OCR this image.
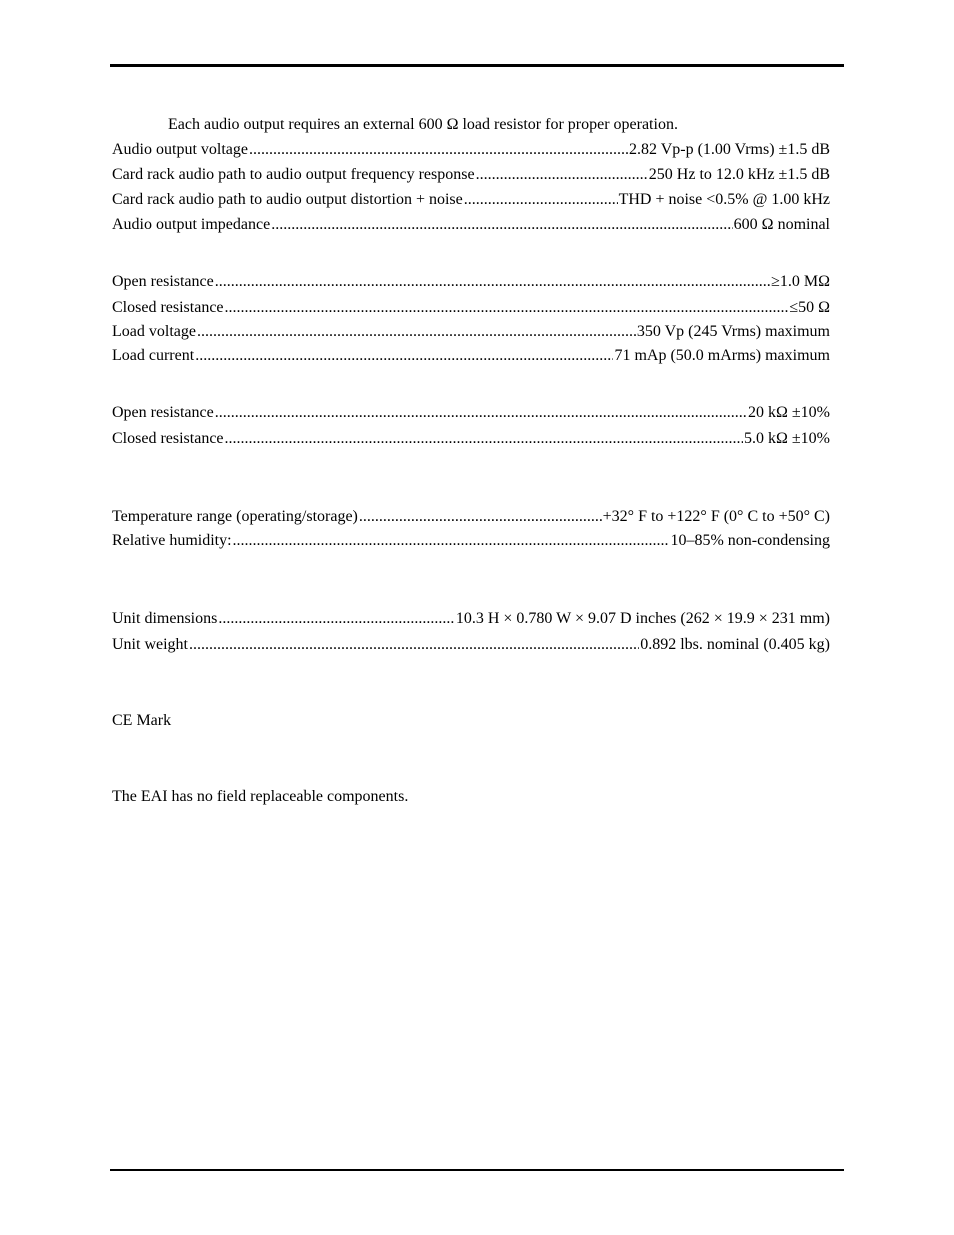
Each audio output requires an external 600 Ω load resistor for proper operation.
Audio output voltage .....	2.82 Vp-p (1.00 Vrms) ±1.5 dB
Card rack audio path to audio output frequency response .....	250 Hz to 12.0 kHz ±1.5 dB
Card rack audio path to audio output distortion + noise .....	THD + noise <0.5% @ 1.00 kHz
Audio output impedance .....	600 Ω nominal
Open resistance .....	≥1.0 MΩ
Closed resistance .....	≤50 Ω
Load voltage .....	350 Vp (245 Vrms) maximum
Load current .....	71 mAp (50.0 mArms) maximum
Open resistance .....	20 kΩ ±10%
Closed resistance .....	5.0 kΩ ±10%
Temperature range (operating/storage) .....	+32° F to +122° F (0° C to +50° C)
Relative humidity: .....	10–85% non-condensing
Unit dimensions .....	10.3 H × 0.780 W × 9.07 D inches (262 × 19.9 × 231 mm)
Unit weight .....	0.892 lbs. nominal (0.405 kg)
CE Mark
The EAI has no field replaceable components.
